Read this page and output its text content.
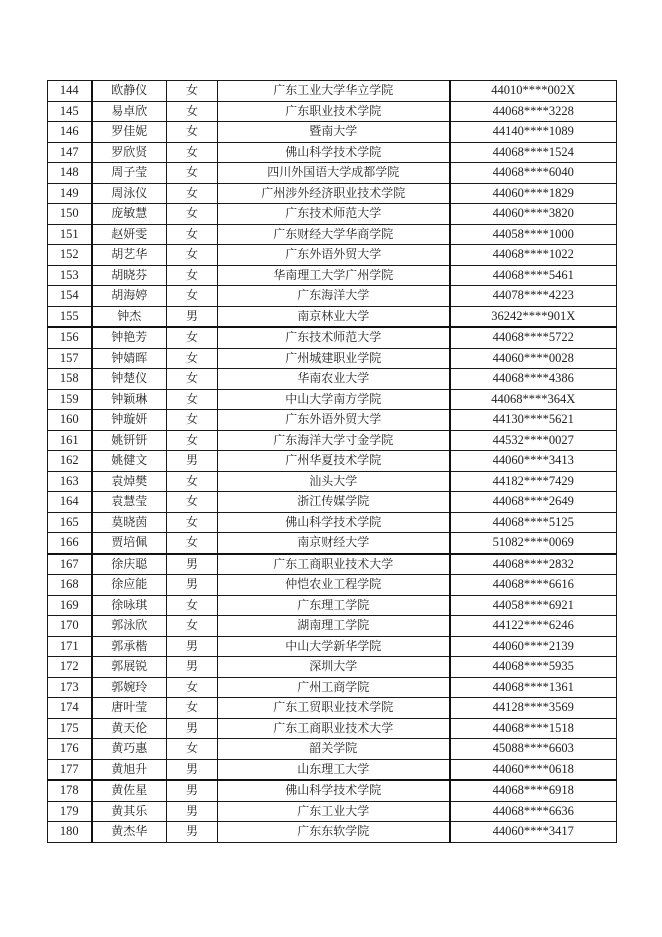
144	欧静仪	女	广东工业大学华立学院	44010****002X
145	易卓欣	女	广东职业技术学院	44068****3228
146	罗佳妮	女	暨南大学	44140****1089
147	罗欣贤	女	佛山科学技术学院	44068****1524
148	周子莹	女	四川外国语大学成都学院	44068****6040
149	周泳仪	女	广州涉外经济职业技术学院	44060****1829
150	庞敏慧	女	广东技术师范大学	44060****3820
151	赵妍雯	女	广东财经大学华商学院	44058****1000
152	胡艺华	女	广东外语外贸大学	44068****1022
153	胡晓芬	女	华南理工大学广州学院	44068****5461
154	胡海婷	女	广东海洋大学	44078****4223
155	钟杰	男	南京林业大学	36242****901X
156	钟艳芳	女	广东技术师范大学	44068****5722
157	钟婧晖	女	广州城建职业学院	44060****0028
158	钟楚仪	女	华南农业大学	44068****4386
159	钟颖琳	女	中山大学南方学院	44068****364X
160	钟璇妍	女	广东外语外贸大学	44130****5621
161	姚钘钘	女	广东海洋大学寸金学院	44532****0027
162	姚健文	男	广州华夏技术学院	44060****3413
163	袁焯樊	女	汕头大学	44182****7429
164	袁慧莹	女	浙江传媒学院	44068****2649
165	莫晓茵	女	佛山科学技术学院	44068****5125
166	贾培佩	女	南京财经大学	51082****0069
167	徐庆聪	男	广东工商职业技术大学	44068****2832
168	徐应能	男	仲恺农业工程学院	44068****6616
169	徐咏琪	女	广东理工学院	44058****6921
170	郭泳欣	女	湖南理工学院	44122****6246
171	郭承楷	男	中山大学新华学院	44060****2139
172	郭展锐	男	深圳大学	44068****5935
173	郭婉玲	女	广州工商学院	44068****1361
174	唐叶莹	女	广东工贸职业技术学院	44128****3569
175	黄天伦	男	广东工商职业技术大学	44068****1518
176	黄巧惠	女	韶关学院	45088****6603
177	黄旭升	男	山东理工大学	44060****0618
178	黄佐星	男	佛山科学技术学院	44068****6918
179	黄其乐	男	广东工业大学	44068****6636
180	黄杰华	男	广东东软学院	44060****3417
